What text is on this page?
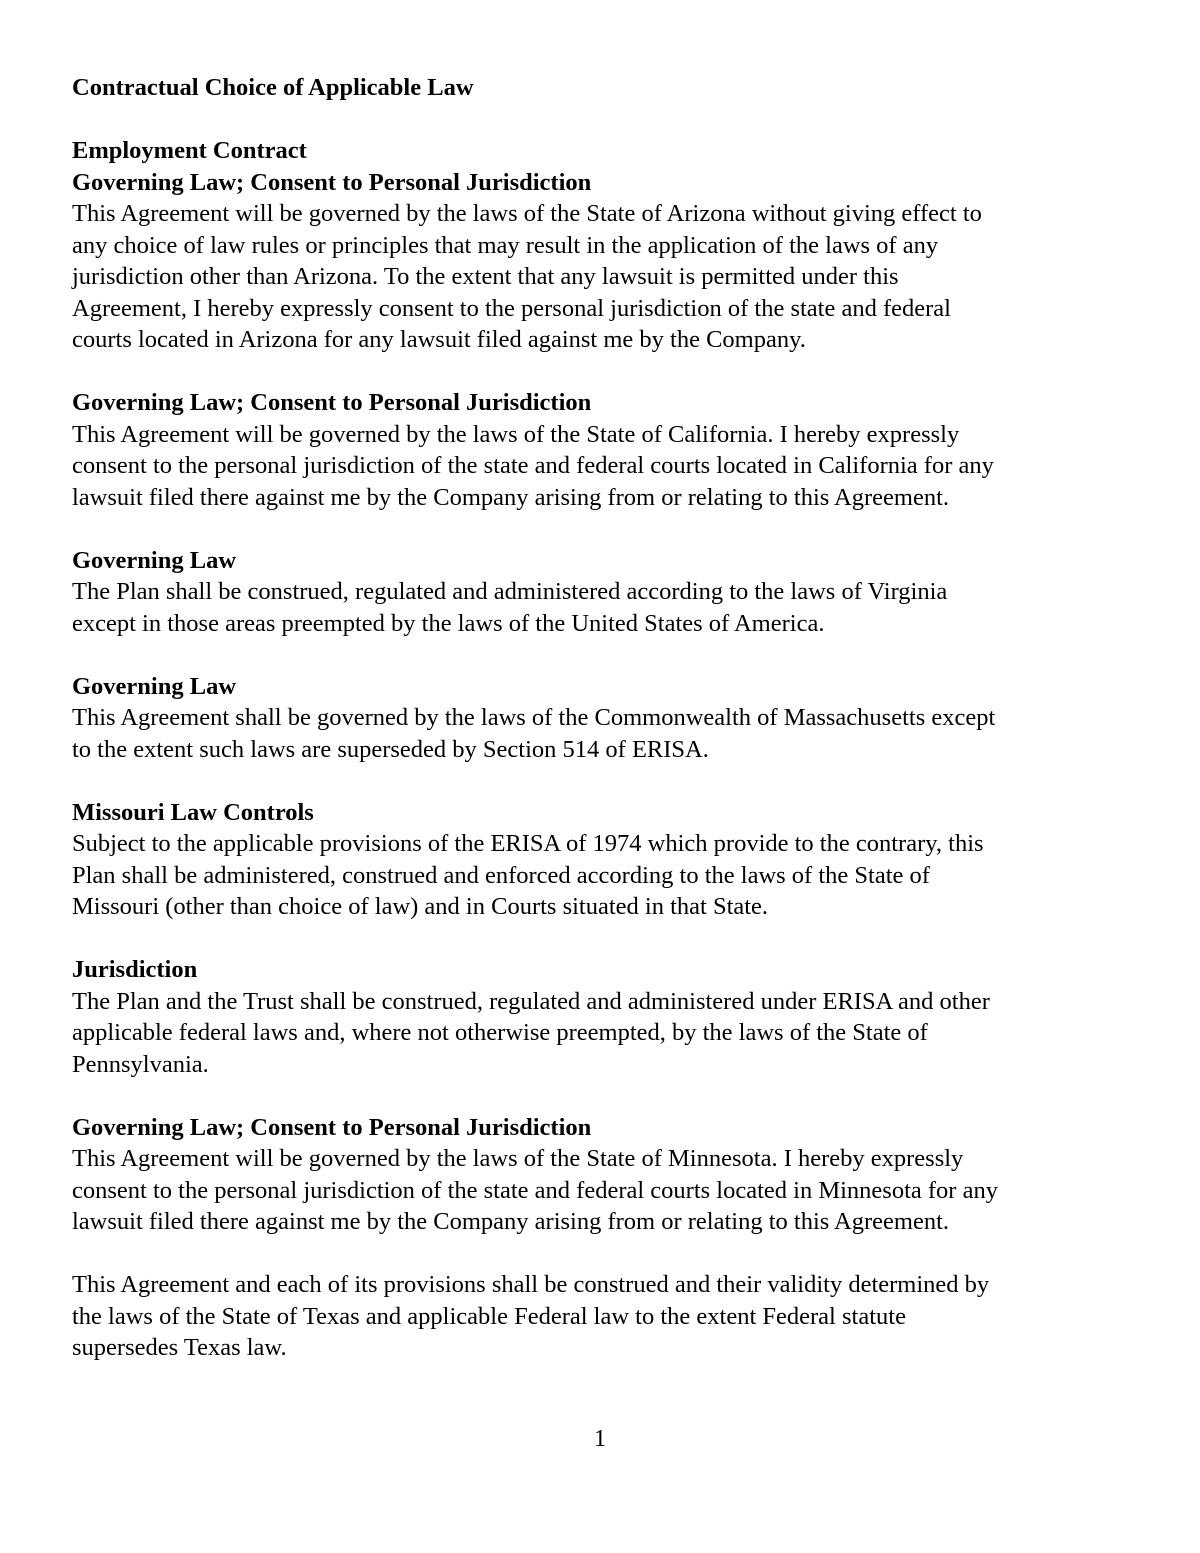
Contractual Choice of Applicable Law
Employment Contract
Governing Law; Consent to Personal Jurisdiction
This Agreement will be governed by the laws of the State of Arizona without giving effect to
any choice of law rules or principles that may result in the application of the laws of any
jurisdiction other than Arizona. To the extent that any lawsuit is permitted under this
Agreement, I hereby expressly consent to the personal jurisdiction of the state and federal
courts located in Arizona for any lawsuit filed against me by the Company.
Governing Law; Consent to Personal Jurisdiction
This Agreement will be governed by the laws of the State of California. I hereby expressly
consent to the personal jurisdiction of the state and federal courts located in California for any
lawsuit filed there against me by the Company arising from or relating to this Agreement.
Governing Law
The Plan shall be construed, regulated and administered according to the laws of Virginia
except in those areas preempted by the laws of the United States of America.
Governing Law
This Agreement shall be governed by the laws of the Commonwealth of Massachusetts except
to the extent such laws are superseded by Section 514 of ERISA.
Missouri Law Controls
Subject to the applicable provisions of the ERISA of 1974 which provide to the contrary, this
Plan shall be administered, construed and enforced according to the laws of the State of
Missouri (other than choice of law) and in Courts situated in that State.
Jurisdiction
The Plan and the Trust shall be construed, regulated and administered under ERISA and other
applicable federal laws and, where not otherwise preempted, by the laws of the State of
Pennsylvania.
Governing Law; Consent to Personal Jurisdiction
This Agreement will be governed by the laws of the State of Minnesota. I hereby expressly
consent to the personal jurisdiction of the state and federal courts located in Minnesota for any
lawsuit filed there against me by the Company arising from or relating to this Agreement.
This Agreement and each of its provisions shall be construed and their validity determined by
the laws of the State of Texas and applicable Federal law to the extent Federal statute
supersedes Texas law.
1
